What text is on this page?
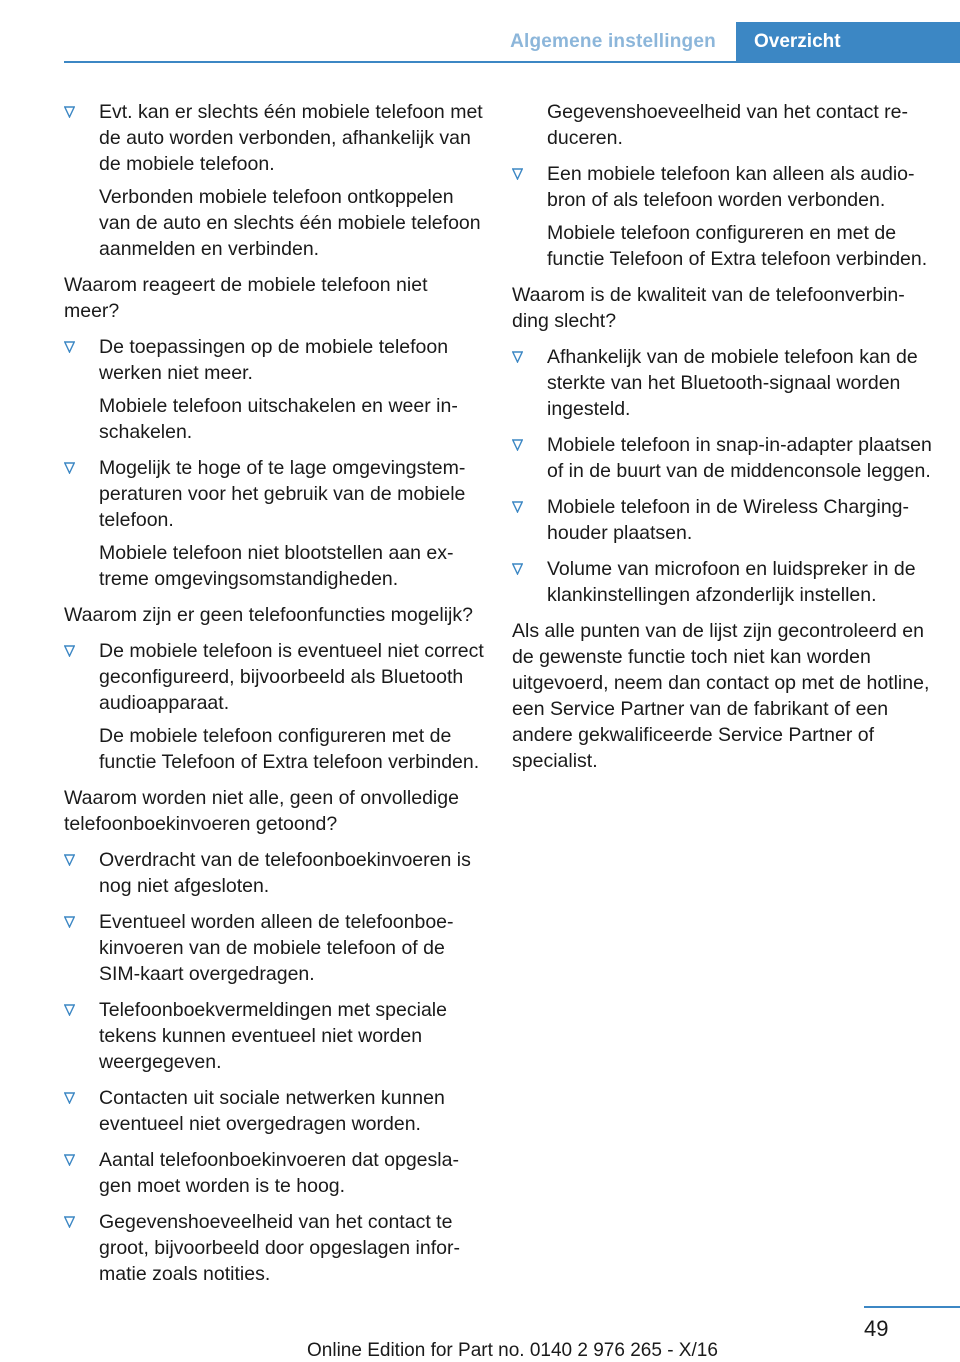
Algemene instellingen	Overzicht

Evt. kan er slechts één mobiele telefoon met de auto worden verbonden, afhankelijk van de mobiele telefoon.

Verbonden mobiele telefoon ontkoppelen van de auto en slechts één mobiele telefoon aanmelden en verbinden.

Waarom reageert de mobiele telefoon niet meer?

De toepassingen op de mobiele telefoon werken niet meer.

Mobiele telefoon uitschakelen en weer inschakelen.

Mogelijk te hoge of te lage omgevingstemperaturen voor het gebruik van de mobiele telefoon.

Mobiele telefoon niet blootstellen aan extreme omgevingsomstandigheden.

Waarom zijn er geen telefoonfuncties mogelijk?

De mobiele telefoon is eventueel niet correct geconfigureerd, bijvoorbeeld als Bluetooth audioapparaat.

De mobiele telefoon configureren met de functie Telefoon of Extra telefoon verbinden.

Waarom worden niet alle, geen of onvolledige telefoonboekinvoeren getoond?

Overdracht van de telefoonboekinvoeren is nog niet afgesloten.

Eventueel worden alleen de telefoonboekinvoeren van de mobiele telefoon of de SIM-kaart overgedragen.

Telefoonboekvermeldingen met speciale tekens kunnen eventueel niet worden weergegeven.

Contacten uit sociale netwerken kunnen eventueel niet overgedragen worden.

Aantal telefoonboekinvoeren dat opgeslagen moet worden is te hoog.

Gegevenshoeveelheid van het contact te groot, bijvoorbeeld door opgeslagen informatie zoals notities.

Gegevenshoeveelheid van het contact reduceren.

Een mobiele telefoon kan alleen als audiobron of als telefoon worden verbonden.

Mobiele telefoon configureren en met de functie Telefoon of Extra telefoon verbinden.

Waarom is de kwaliteit van de telefoonverbinding slecht?

Afhankelijk van de mobiele telefoon kan de sterkte van het Bluetooth-signaal worden ingesteld.

Mobiele telefoon in snap-in-adapter plaatsen of in de buurt van de middenconsole leggen.

Mobiele telefoon in de Wireless Charging-houder plaatsen.

Volume van microfoon en luidspreker in de klankinstellingen afzonderlijk instellen.

Als alle punten van de lijst zijn gecontroleerd en de gewenste functie toch niet kan worden uitgevoerd, neem dan contact op met de hotline, een Service Partner van de fabrikant of een andere gekwalificeerde Service Partner of specialist.

49
Online Edition for Part no. 0140 2 976 265 - X/16
